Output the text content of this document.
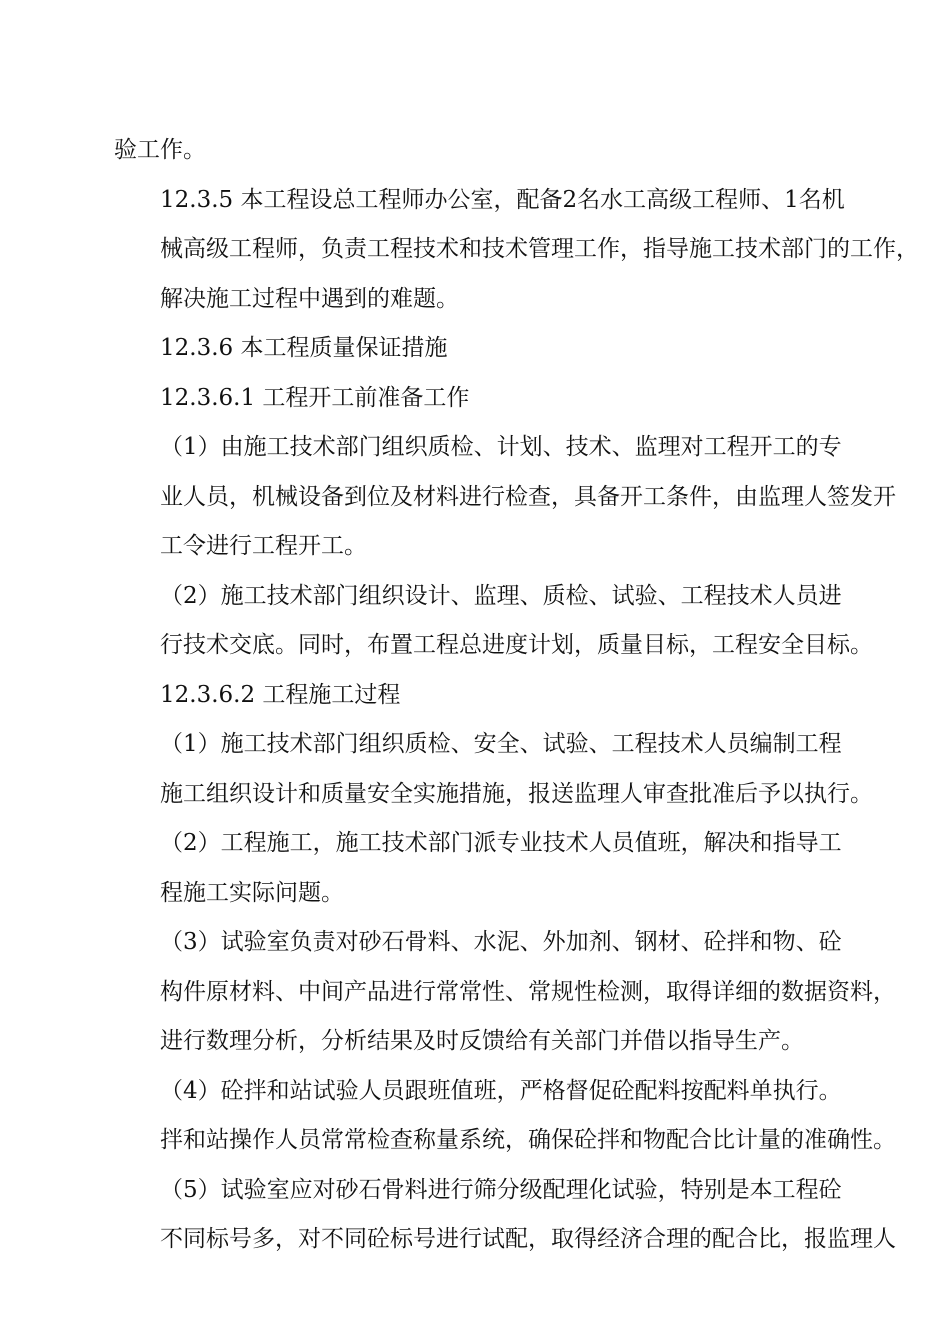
验工作。

12.3.5 本工程设总工程师办公室，配备2名水工高级工程师、1名机
械高级工程师，负责工程技术和技术管理工作，指导施工技术部门的工作，
解决施工过程中遇到的难题。

12.3.6 本工程质量保证措施

12.3.6.1 工程开工前准备工作

（1）由施工技术部门组织质检、计划、技术、监理对工程开工的专
业人员，机械设备到位及材料进行检查，具备开工条件，由监理人签发开
工令进行工程开工。

（2）施工技术部门组织设计、监理、质检、试验、工程技术人员进
行技术交底。同时，布置工程总进度计划，质量目标，工程安全目标。

12.3.6.2 工程施工过程

（1）施工技术部门组织质检、安全、试验、工程技术人员编制工程
施工组织设计和质量安全实施措施，报送监理人审查批准后予以执行。

（2）工程施工，施工技术部门派专业技术人员值班，解决和指导工
程施工实际问题。

（3）试验室负责对砂石骨料、水泥、外加剂、钢材、砼拌和物、砼
构件原材料、中间产品进行常常性、常规性检测，取得详细的数据资料，
进行数理分析，分析结果及时反馈给有关部门并借以指导生产。

（4）砼拌和站试验人员跟班值班，严格督促砼配料按配料单执行。
拌和站操作人员常常检查称量系统，确保砼拌和物配合比计量的准确性。

（5）试验室应对砂石骨料进行筛分级配理化试验，特别是本工程砼
不同标号多，对不同砼标号进行试配，取得经济合理的配合比，报监理人
